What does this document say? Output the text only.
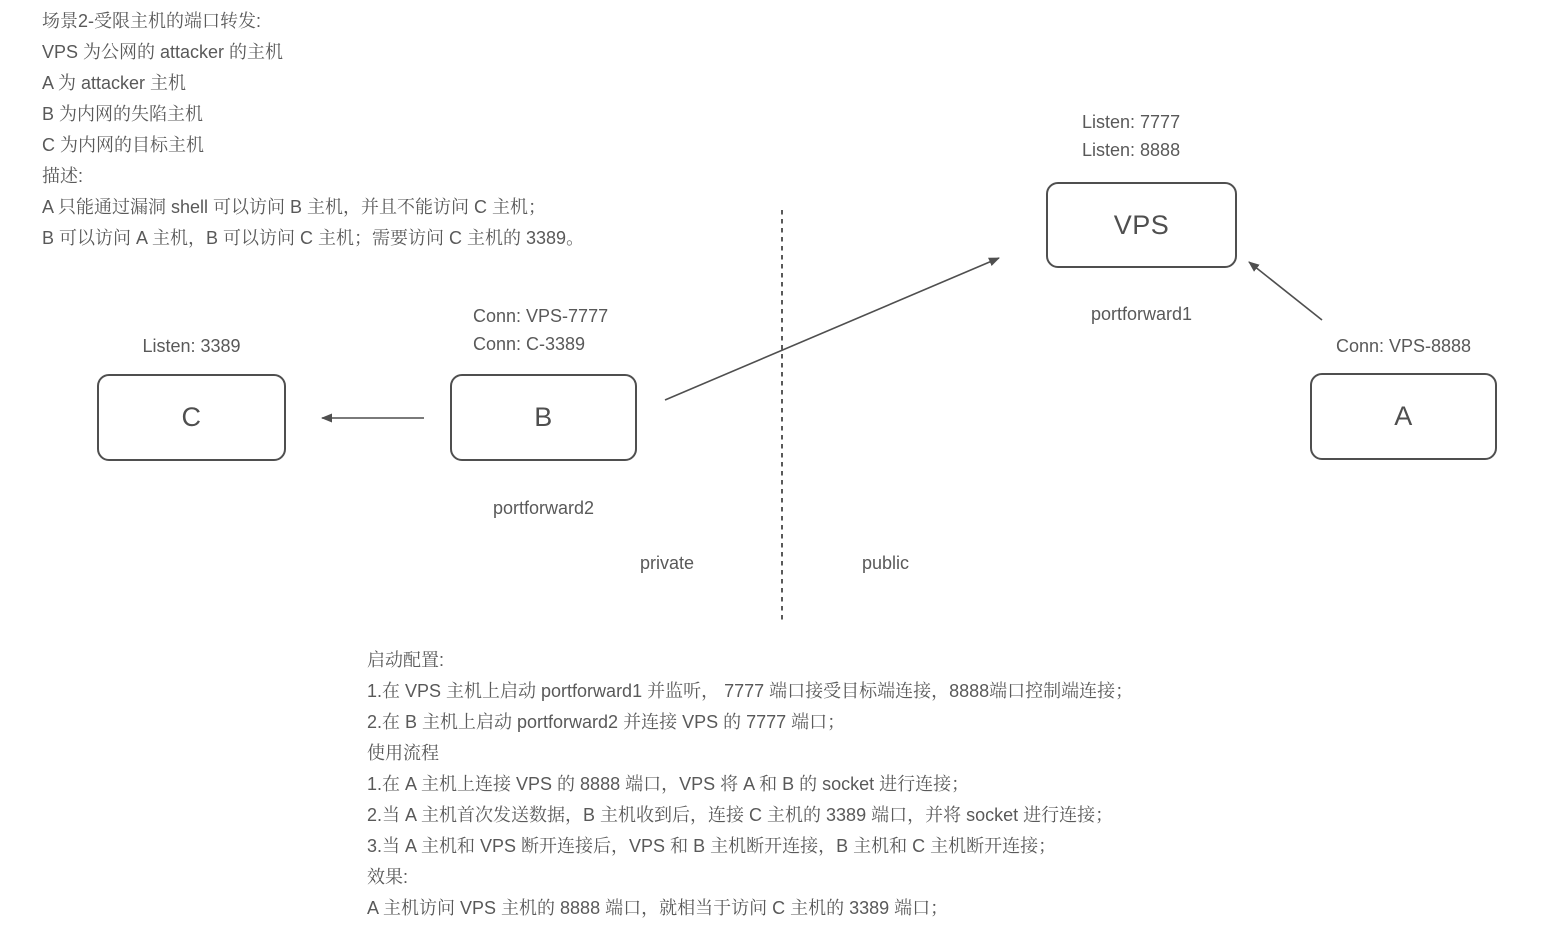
场景2-受限主机的端口转发:
VPS 为公网的 attacker 的主机
A 为 attacker 主机
B 为内网的失陷主机
C 为内网的目标主机
描述:
A 只能通过漏洞 shell 可以访问 B 主机，并且不能访问 C 主机；
B 可以访问 A 主机，B 可以访问 C 主机；需要访问 C 主机的 3389。
C	B
VPS
A
Listen: 3389
Conn: VPS-7777
Conn: C-3389
Listen: 7777
Listen: 8888
portforward1
portforward2
Conn: VPS-8888
private	public
启动配置:
1.在 VPS 主机上启动 portforward1 并监听， 7777 端口接受目标端连接，8888端口控制端连接；
2.在 B 主机上启动 portforward2 并连接 VPS 的 7777 端口；
使用流程
1.在 A 主机上连接 VPS 的 8888 端口，VPS 将 A 和 B 的 socket 进行连接；
2.当 A 主机首次发送数据，B 主机收到后，连接 C 主机的 3389 端口，并将 socket 进行连接；
3.当 A 主机和 VPS 断开连接后，VPS 和 B 主机断开连接，B 主机和 C 主机断开连接；
效果:
A 主机访问 VPS 主机的 8888 端口，就相当于访问 C 主机的 3389 端口；
